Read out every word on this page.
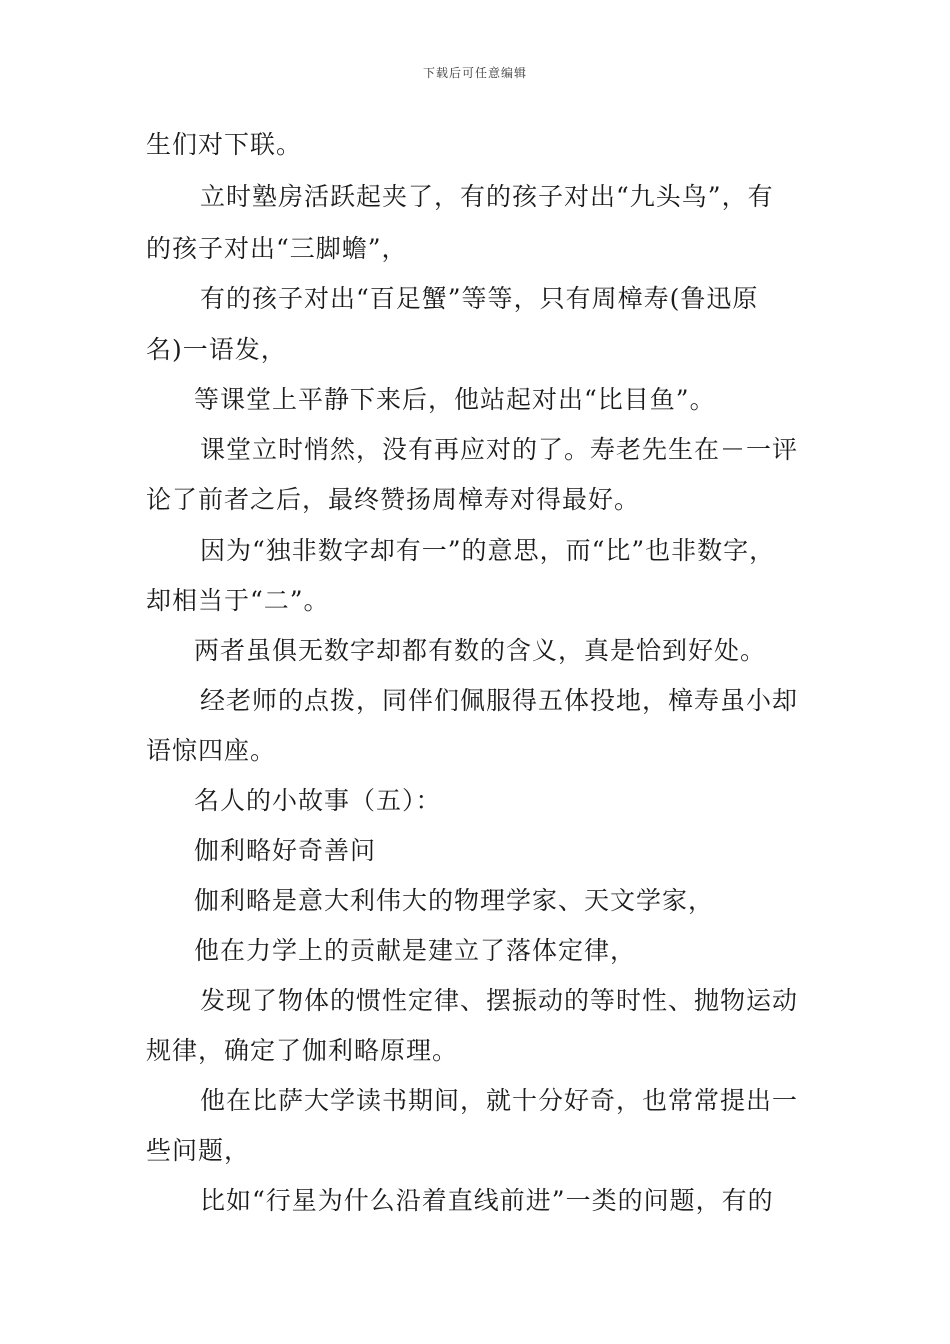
下载后可任意编辑
生们对下联。
立时塾房活跃起夹了，有的孩子对出“九头鸟”，有
的孩子对出“三脚蟾”，
有的孩子对出“百足蟹”等等，只有周樟寿(鲁迅原
名)一语发，
等课堂上平静下来后，他站起对出“比目鱼”。
课堂立时悄然，没有再应对的了。寿老先生在－一评
论了前者之后，最终赞扬周樟寿对得最好。
因为“独非数字却有一”的意思，而“比”也非数字，
却相当于“二”。
两者虽俱无数字却都有数的含义，真是恰到好处。
经老师的点拨，同伴们佩服得五体投地，樟寿虽小却
语惊四座。
名人的小故事（五）：
伽利略好奇善问
伽利略是意大利伟大的物理学家、天文学家，
他在力学上的贡献是建立了落体定律，
发现了物体的惯性定律、摆振动的等时性、抛物运动
规律，确定了伽利略原理。
他在比萨大学读书期间，就十分好奇，也常常提出一
些问题，
比如“行星为什么沿着直线前进”一类的问题，有的
